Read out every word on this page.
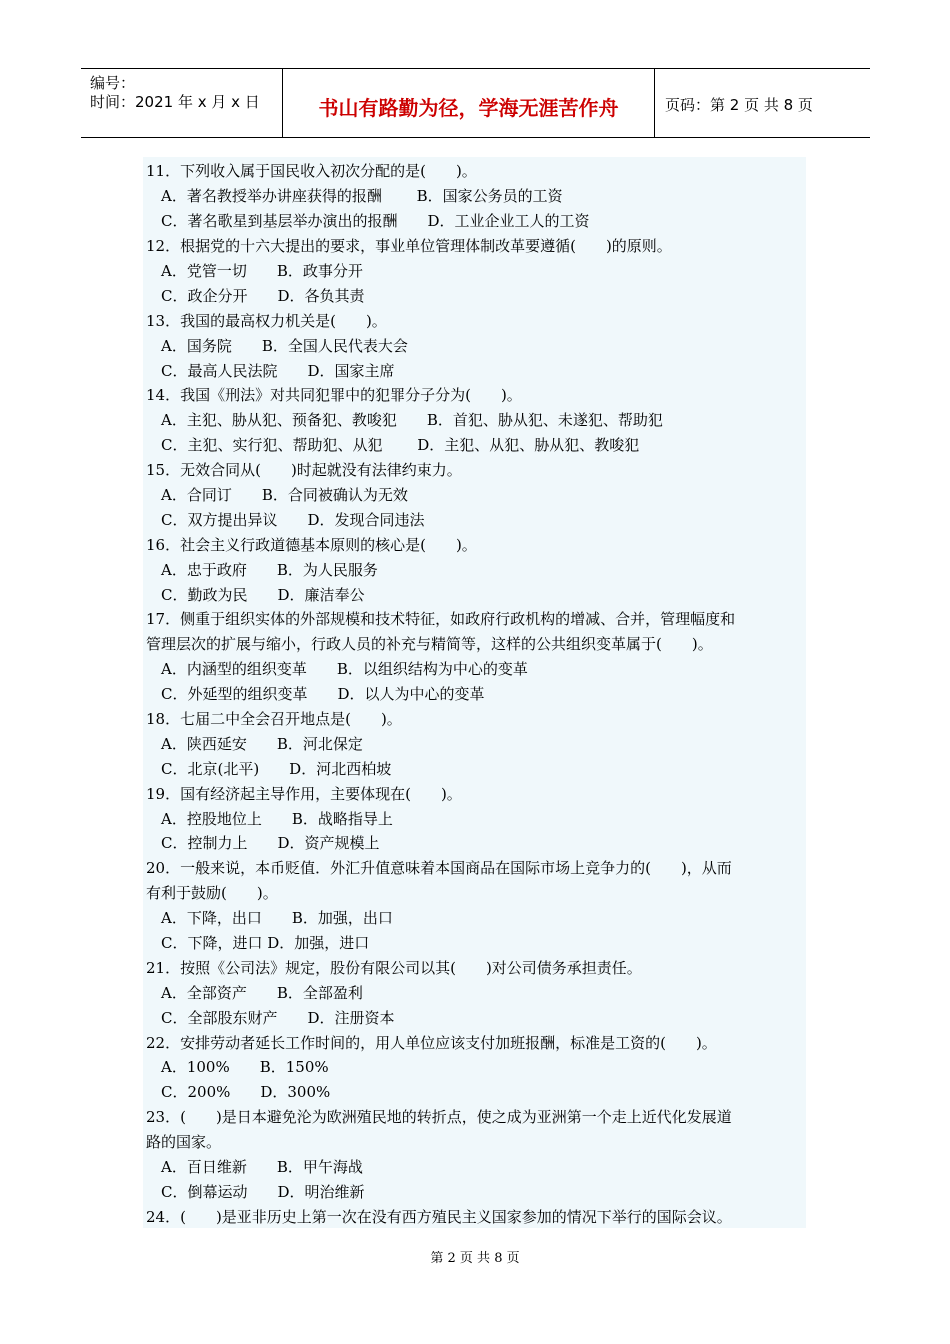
编号：
时间：2021 年 x 月 x 日	书山有路勤为径，学海无涯苦作舟	页码：第 2 页 共 8 页
11．下列收入属于国民收入初次分配的是(　　)。
A．著名教授举办讲座获得的报酬　　 B．国家公务员的工资
C．著名歌星到基层举办演出的报酬　　D．工业企业工人的工资
12．根据党的十六大提出的要求，事业单位管理体制改革要遵循(　　)的原则。
A．党管一切　　B．政事分开
C．政企分开　　D．各负其责
13．我国的最高权力机关是(　　)。
A．国务院　　B．全国人民代表大会
C．最高人民法院　　D．国家主席
14．我国《刑法》对共同犯罪中的犯罪分子分为(　　)。
A．主犯、胁从犯、预备犯、教唆犯　　B．首犯、胁从犯、未遂犯、帮助犯
C．主犯、实行犯、帮助犯、从犯　　 D．主犯、从犯、胁从犯、教唆犯
15．无效合同从(　　)时起就没有法律约束力。
A．合同订　　B．合同被确认为无效
C．双方提出异议　　D．发现合同违法
16．社会主义行政道德基本原则的核心是(　　)。
A．忠于政府　　B．为人民服务
C．勤政为民　　D．廉洁奉公
17．侧重于组织实体的外部规模和技术特征，如政府行政机构的增减、合并，管理幅度和
管理层次的扩展与缩小，行政人员的补充与精简等，这样的公共组织变革属于(　　)。
A．内涵型的组织变革　　B．以组织结构为中心的变革
C．外延型的组织变革　　D．以人为中心的变革
18．七届二中全会召开地点是(　　)。
A．陕西延安　　B．河北保定
C．北京(北平)　　D．河北西柏坡
19．国有经济起主导作用，主要体现在(　　)。
A．控股地位上　　B．战略指导上
C．控制力上　　D．资产规模上
20．一般来说，本币贬值．外汇升值意味着本国商品在国际市场上竞争力的(　　)，从而
有利于鼓励(　　)。
A．下降，出口　　B．加强，出口
C．下降，进口 D．加强，进口
21．按照《公司法》规定，股份有限公司以其(　　)对公司债务承担责任。
A．全部资产　　B．全部盈利
C．全部股东财产　　D．注册资本
22．安排劳动者延长工作时间的，用人单位应该支付加班报酬，标准是工资的(　　)。
A．100%　　B．150%
C．200%　　D．300%
23．(　　)是日本避免沦为欧洲殖民地的转折点，使之成为亚洲第一个走上近代化发展道
路的国家。
A．百日维新　　B．甲午海战
C．倒幕运动　　D．明治维新
24．(　　)是亚非历史上第一次在没有西方殖民主义国家参加的情况下举行的国际会议。
第 2 页 共 8 页
